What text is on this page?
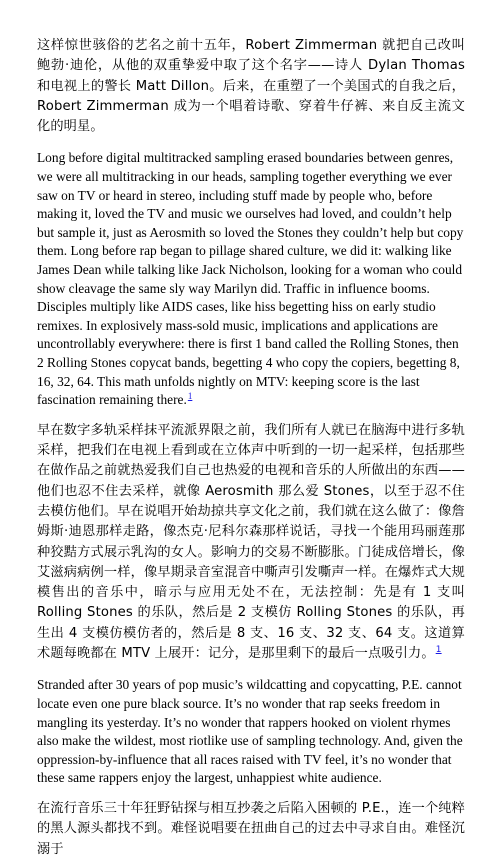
这样惊世骇俗的艺名之前十五年，Robert Zimmerman 就把自己改叫鲍勃·迪伦，从他的双重挚爱中取了这个名字——诗人 Dylan Thomas 和电视上的警长 Matt Dillon。后来，在重塑了一个美国式的自我之后，Robert Zimmerman 成为一个唱着诗歌、穿着牛仔裤、来自反主流文化的明星。

Long before digital multitracked sampling erased boundaries between genres, we were all multitracking in our heads, sampling together everything we ever saw on TV or heard in stereo, including stuff made by people who, before making it, loved the TV and music we ourselves had loved, and couldn’t help but sample it, just as Aerosmith so loved the Stones they couldn’t help but copy them. Long before rap began to pillage shared culture, we did it: walking like James Dean while talking like Jack Nicholson, looking for a woman who could show cleavage the same sly way Marilyn did. Traffic in influence booms. Disciples multiply like AIDS cases, like hiss begetting hiss on early studio remixes. In explosively mass-sold music, implications and applications are uncontrollably everywhere: there is first 1 band called the Rolling Stones, then 2 Rolling Stones copycat bands, begetting 4 who copy the copiers, begetting 8, 16, 32, 64. This math unfolds nightly on MTV: keeping score is the last fascination remaining there.$^1$

早在数字多轨采样抹平流派界限之前，我们所有人就已在脑海中进行多轨采样，把我们在电视上看到或在立体声中听到的一切一起采样，包括那些在做作品之前就热爱我们自己也热爱的电视和音乐的人所做出的东西——他们也忍不住去采样，就像 Aerosmith 那么爱 Stones，以至于忍不住去模仿他们。早在说唱开始劫掠共享文化之前，我们就在这么做了：像詹姆斯·迪恩那样走路，像杰克·尼科尔森那样说话，寻找一个能用玛丽莲那种狡黠方式展示乳沟的女人。影响力的交易不断膨胀。门徒成倍增长，像艾滋病病例一样，像早期录音室混音中嘶声引发嘶声一样。在爆炸式大规模售出的音乐中，暗示与应用无处不在，无法控制：先是有 1 支叫 Rolling Stones 的乐队，然后是 2 支模仿 Rolling Stones 的乐队，再生出 4 支模仿模仿者的，然后是 8 支、16 支、32 支、64 支。这道算术题每晚都在 MTV 上展开：记分，是那里剩下的最后一点吸引力。$^1$

Stranded after 30 years of pop music’s wildcatting and copycatting, P.E. cannot locate even one pure black source. It’s no wonder that rap seeks freedom in mangling its yesterday. It’s no wonder that rappers hooked on violent rhymes also make the wildest, most riotlike use of sampling technology. And, given the oppression-by-influence that all races raised with TV feel, it’s no wonder that these same rappers enjoy the largest, unhappiest white audience.

在流行音乐三十年狂野钻探与相互抄袭之后陷入困顿的 P.E.，连一个纯粹的黑人源头都找不到。难怪说唱要在扭曲自己的过去中寻求自由。难怪沉溺于
